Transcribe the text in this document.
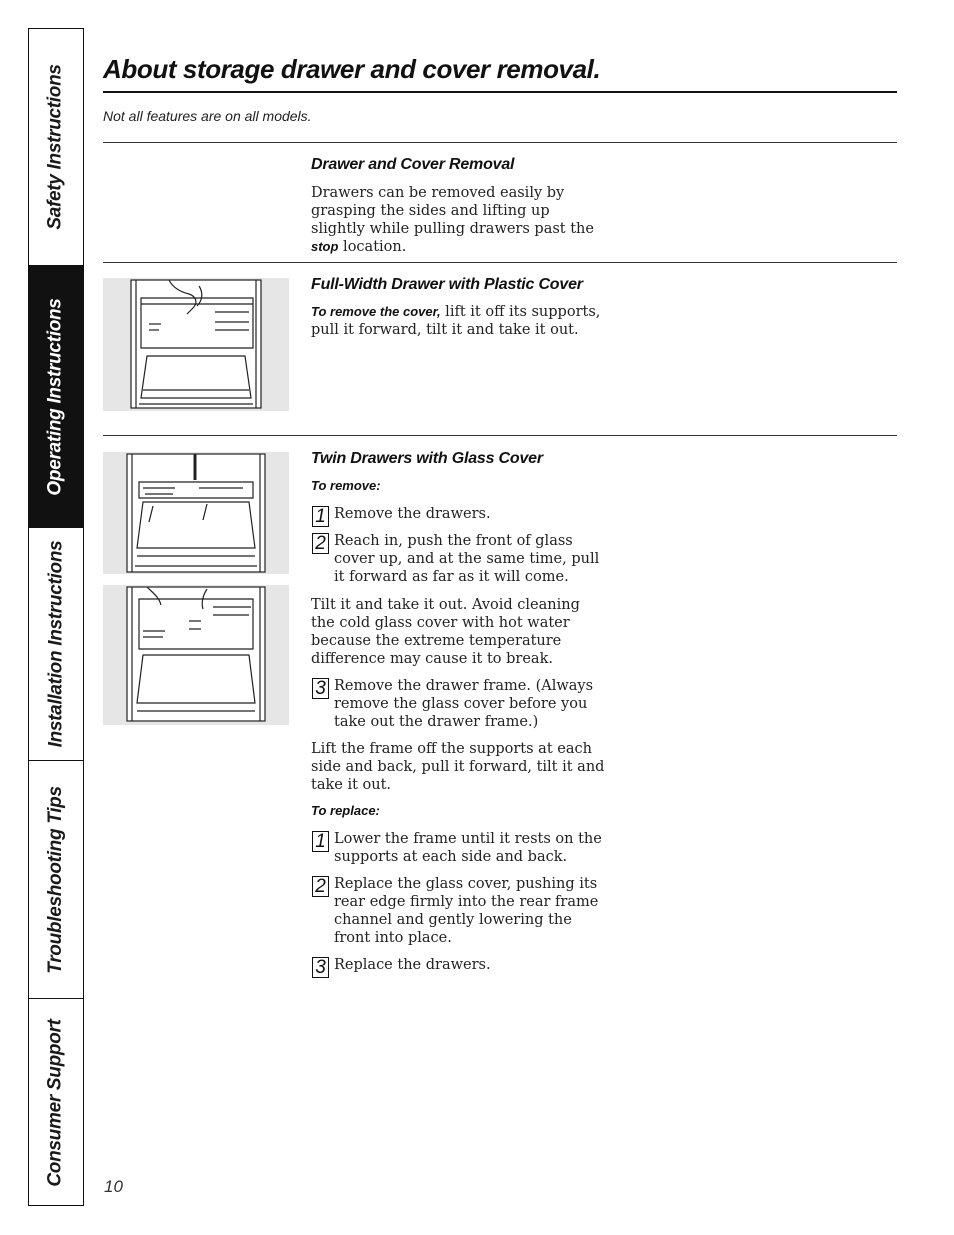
Safety Instructions
Operating Instructions
Installation Instructions
Troubleshooting Tips
Consumer Support
About storage drawer and cover removal.
Not all features are on all models.
Drawer and Cover Removal
Drawers can be removed easily by grasping the sides and lifting up slightly while pulling drawers past the stop location.
Full-Width Drawer with Plastic Cover
To remove the cover, lift it off its supports, pull it forward, tilt it and take it out.
Twin Drawers with Glass Cover
To remove:
1 Remove the drawers.
2 Reach in, push the front of glass cover up, and at the same time, pull it forward as far as it will come.
Tilt it and take it out. Avoid cleaning the cold glass cover with hot water because the extreme temperature difference may cause it to break.
3 Remove the drawer frame. (Always remove the glass cover before you take out the drawer frame.)
Lift the frame off the supports at each side and back, pull it forward, tilt it and take it out.
To replace:
1 Lower the frame until it rests on the supports at each side and back.
2 Replace the glass cover, pushing its rear edge firmly into the rear frame channel and gently lowering the front into place.
3 Replace the drawers.
10
